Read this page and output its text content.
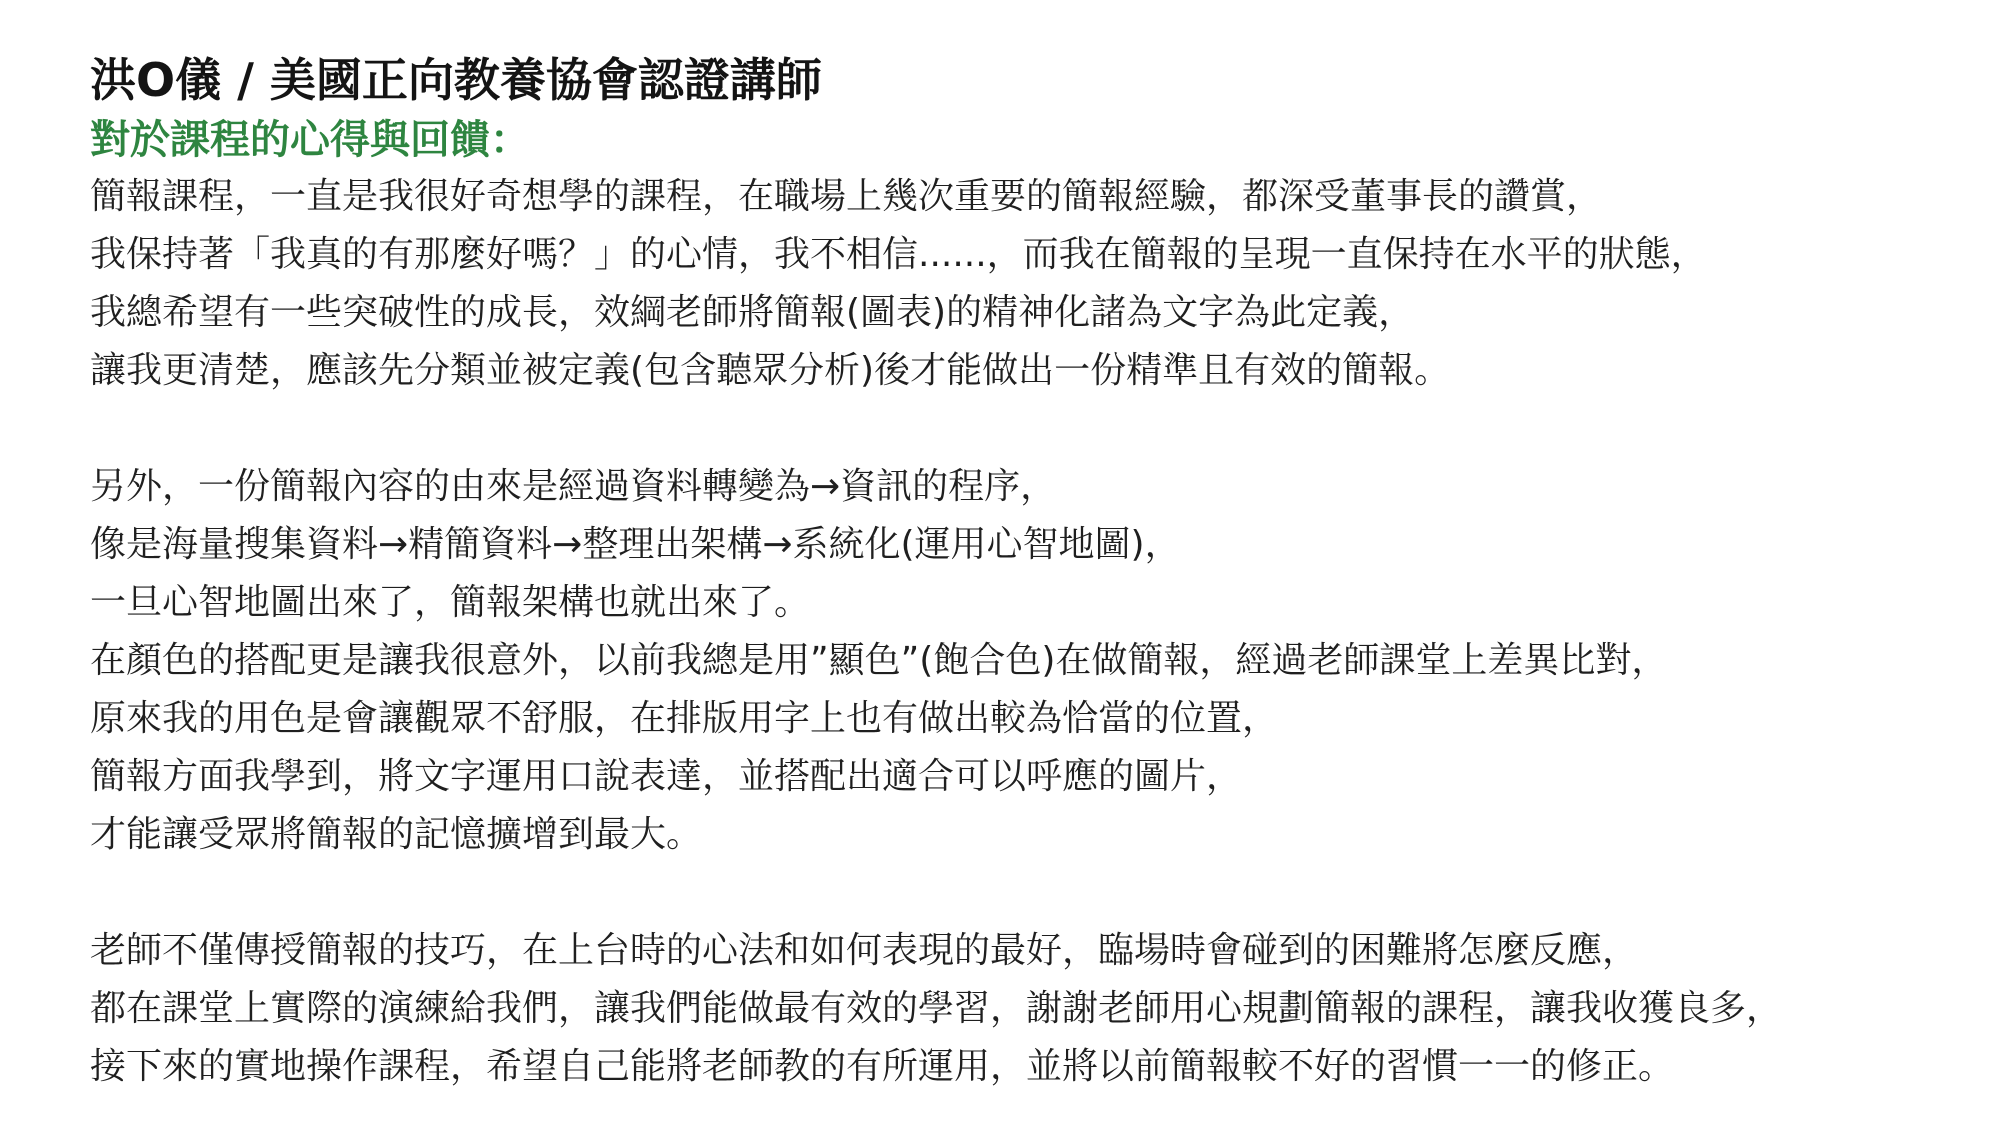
洪O儀 / 美國正向教養協會認證講師
對於課程的心得與回饋：
簡報課程，一直是我很好奇想學的課程，在職場上幾次重要的簡報經驗，都深受董事長的讚賞，
我保持著「我真的有那麼好嗎？」的心情，我不相信......，而我在簡報的呈現一直保持在水平的狀態，
我總希望有一些突破性的成長，效綱老師將簡報(圖表)的精神化諸為文字為此定義，
讓我更清楚，應該先分類並被定義(包含聽眾分析)後才能做出一份精準且有效的簡報。
另外，一份簡報內容的由來是經過資料轉變為→資訊的程序，
像是海量搜集資料→精簡資料→整理出架構→系統化(運用心智地圖)，
一旦心智地圖出來了，簡報架構也就出來了。
在顏色的搭配更是讓我很意外，以前我總是用”顯色”(飽合色)在做簡報，經過老師課堂上差異比對，
原來我的用色是會讓觀眾不舒服，在排版用字上也有做出較為恰當的位置，
簡報方面我學到，將文字運用口說表達，並搭配出適合可以呼應的圖片，
才能讓受眾將簡報的記憶擴增到最大。
老師不僅傳授簡報的技巧，在上台時的心法和如何表現的最好，臨場時會碰到的困難將怎麼反應，
都在課堂上實際的演練給我們，讓我們能做最有效的學習，謝謝老師用心規劃簡報的課程，讓我收獲良多，
接下來的實地操作課程，希望自己能將老師教的有所運用，並將以前簡報較不好的習慣一一的修正。
